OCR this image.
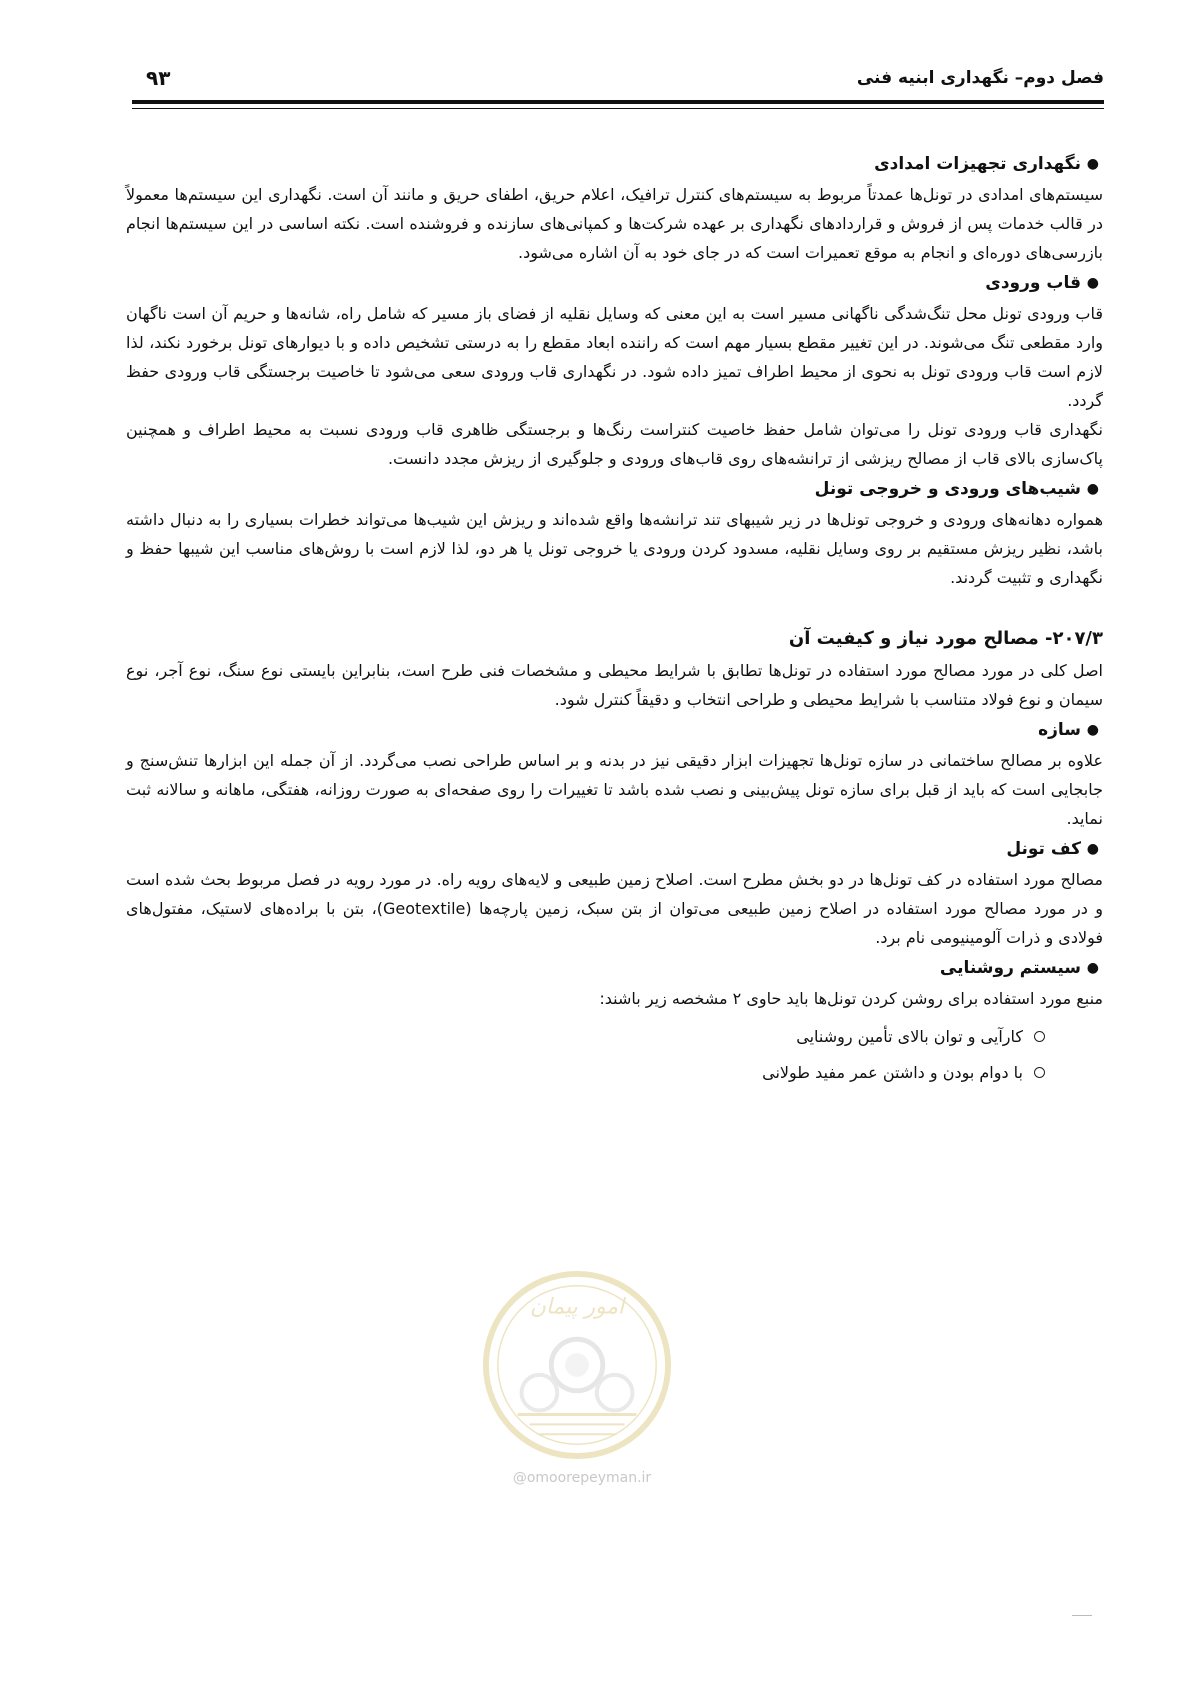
فصل دوم– نگهداری ابنیه فنی
۹۳
●
نگهداری تجهیزات امدادی

سیستم‌های امدادی در تونل‌ها عمدتاً مربوط به سیستم‌های کنترل ترافیک، اعلام حریق، اطفای حریق و مانند آن است. نگهداری این سیستم‌ها معمولاً در قالب خدمات پس از فروش و قراردادهای نگهداری بر عهده شرکت‌ها و کمپانی‌های سازنده و فروشنده است. نکته اساسی در این سیستم‌ها انجام بازرسی‌های دوره‌ای و انجام به موقع تعمیرات است که در جای خود به آن اشاره می‌شود.

●
قاب ورودی

قاب ورودی تونل محل تنگ‌شدگی ناگهانی مسیر است به این معنی که وسایل نقلیه از فضای باز مسیر که شامل راه، شانه‌ها و حریم آن است ناگهان وارد مقطعی تنگ می‌شوند. در این تغییر مقطع بسیار مهم است که راننده ابعاد مقطع را به درستی تشخیص داده و با دیوارهای تونل برخورد نکند، لذا لازم است قاب ورودی تونل به نحوی از محیط اطراف تمیز داده شود. در نگهداری قاب ورودی سعی می‌شود تا خاصیت برجستگی قاب ورودی حفظ گردد.

نگهداری قاب ورودی تونل را می‌توان شامل حفظ خاصیت کنتراست رنگ‌ها و برجستگی ظاهری قاب ورودی نسبت به محیط اطراف و همچنین پاک‌سازی بالای قاب از مصالح ریزشی از ترانشه‌های روی قاب‌های ورودی و جلوگیری از ریزش مجدد دانست.

●
شیب‌های ورودی و خروجی تونل

همواره دهانه‌های ورودی و خروجی تونل‌ها در زیر شیبهای تند ترانشه‌ها واقع شده‌اند و ریزش این شیب‌ها می‌تواند خطرات بسیاری را به دنبال داشته باشد، نظیر ریزش مستقیم بر روی وسایل نقلیه، مسدود کردن ورودی یا خروجی تونل یا هر دو، لذا لازم است با روش‌های مناسب این شیبها حفظ و نگهداری و تثبیت گردند.

۲۰۷/۳- مصالح مورد نیاز و کیفیت آن

اصل کلی در مورد مصالح مورد استفاده در تونل‌ها تطابق با شرایط محیطی و مشخصات فنی طرح است، بنابراین بایستی نوع سنگ، نوع آجر، نوع سیمان و نوع فولاد متناسب با شرایط محیطی و طراحی انتخاب و دقیقاً کنترل شود.

●
سازه

علاوه بر مصالح ساختمانی در سازه تونل‌ها تجهیزات ابزار دقیقی نیز در بدنه و بر اساس طراحی نصب می‌گردد. از آن جمله این ابزارها تنش‌سنج و جابجایی است که باید از قبل برای سازه تونل پیش‌بینی و نصب شده باشد تا تغییرات را روی صفحه‌ای به صورت روزانه، هفتگی، ماهانه و سالانه ثبت نماید.

●
کف تونل

مصالح مورد استفاده در کف تونل‌ها در دو بخش مطرح است. اصلاح زمین طبیعی و لایه‌های رویه راه. در مورد رویه در فصل مربوط بحث شده است و در مورد مصالح مورد استفاده در اصلاح زمین طبیعی می‌توان از بتن سبک، زمین پارچه‌ها (Geotextile)، بتن با براده‌های لاستیک، مفتول‌های فولادی و ذرات آلومینیومی نام برد.

●
سیستم روشنایی

منبع مورد استفاده برای روشن کردن تونل‌ها باید حاوی ۲ مشخصه زیر باشند:

کارآیی و توان بالای تأمین روشنایی
با دوام بودن و داشتن عمر مفید طولانی
امور پیمان
@omoorepeyman.ir
